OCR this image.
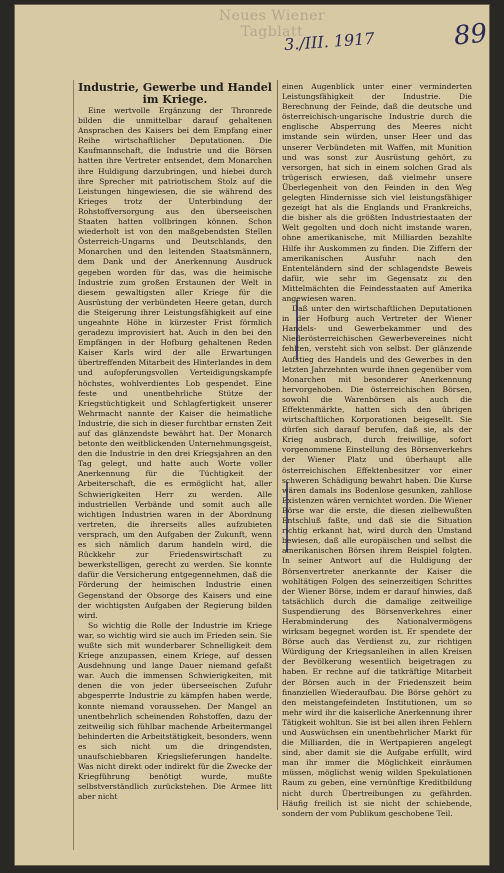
Neues Wiener Tagblatt
3./III. 1917	89

Industrie, Gewerbe und Handel im Kriege.

Eine wertvolle Ergänzung der Thronrede bilden die unmittelbar darauf gehaltenen Ansprachen des Kaisers bei dem Empfang einer Reihe wirtschaftlicher Deputationen. Die Kaufmannschaft, die Industrie und die Börsen hatten ihre Vertreter entsendet, dem Monarchen ihre Huldigung darzubringen, und hiebei durch ihre Sprecher mit patriotischem Stolz auf die Leistungen hingewiesen, die sie während des Krieges trotz der Unterbindung der Rohstoffversorgung aus den überseeischen Staaten hatten vollbringen können. Schon wiederholt ist von den maßgebendsten Stellen Österreich-Ungarns und Deutschlands, den Monarchen und den leitenden Staatsmännern, dem Dank und der Anerkennung Ausdruck gegeben worden für das, was die heimische Industrie zum großen Erstaunen der Welt in diesem gewaltigsten aller Kriege für die Ausrüstung der verbündeten Heere getan, durch die Steigerung ihrer Leistungsfähigkeit auf eine ungeahnte Höhe in kürzester Frist förmlich geradezu improvisiert hat. Auch in den bei den Empfängen in der Hofburg gehaltenen Reden Kaiser Karls wird der alle Erwartungen übertreffenden Mitarbeit des Hinterlandes in dem und aufopferungsvollen Verteidigungskampfe höchstes, wohlverdientes Lob gespendet. Eine feste und unentbehrliche Stütze der Kriegstüchtigkeit und Schlagfertigkeit unserer Wehrmacht nannte der Kaiser die heimatliche Industrie, die sich in dieser furchtbar ernsten Zeit auf das glänzendste bewährt hat. Der Monarch betonte den weitblickenden Unternehmungsgeist, den die Industrie in den drei Kriegsjahren an den Tag gelegt, und hatte auch Worte voller Anerkennung für die Tüchtigkeit der Arbeiterschaft, die es ermöglicht hat, aller Schwierigkeiten Herr zu werden. Alle industriellen Verbände und somit auch alle wichtigen Industrien waren in der Abordnung vertreten, die ihrerseits alles aufzubieten versprach, um den Aufgaben der Zukunft, wenn es sich nämlich darum handeln wird, die Rückkehr zur Friedenswirtschaft zu bewerkstelligen, gerecht zu werden. Sie konnte dafür die Versicherung entgegennehmen, daß die Förderung der heimischen Industrie einen Gegenstand der Obsorge des Kaisers und eine der wichtigsten Aufgaben der Regierung bilden wird.

So wichtig die Rolle der Industrie im Kriege war, so wichtig wird sie auch im Frieden sein. Sie wußte sich mit wunderbarer Schnelligkeit dem Kriege anzupassen, einem Kriege, auf dessen Ausdehnung und lange Dauer niemand gefaßt war. Auch die immensen Schwierigkeiten, mit denen die von jeder überseeischen Zufuhr abgesperrte Industrie zu kämpfen haben werde, konnte niemand voraussehen. Der Mangel an unentbehrlich scheinenden Rohstoffen, dazu der zeitweilig sich fühlbar machende Arbeitermangel behinderten die Arbeitstätigkeit, besonders, wenn es sich nicht um die dringendsten, unaufschiebbaren Kriegslieferungen handelte. Was nicht direkt oder indirekt für die Zwecke der Kriegführung benötigt wurde, mußte selbstverständlich zurückstehen. Die Armee litt aber nicht

einen Augenblick unter einer verminderten Leistungsfähigkeit der Industrie. Die Berechnung der Feinde, daß die deutsche und österreichisch-ungarische Industrie durch die englische Absperrung des Meeres nicht imstande sein würden, unser Heer und das unserer Verbündeten mit Waffen, mit Munition und was sonst zur Ausrüstung gehört, zu versorgen, hat sich in einem solchen Grad als trügerisch erwiesen, daß vielmehr unsere Überlegenheit von den Feinden in den Weg gelegten Hindernisse sich viel leistungsfähiger gezeigt hat als die Englands und Frankreichs, die bisher als die größten Industriestaaten der Welt gegolten und doch nicht imstande waren, ohne amerikanische, mit Milliarden bezahlte Hilfe ihr Auskommen zu finden. Die Ziffern der amerikanischen Ausfuhr nach den Ententeländern sind der schlagendste Beweis dafür, wie sehr im Gegensatz zu den Mittelmächten die Feindesstaaten auf Amerika angewiesen waren.

Daß unter den wirtschaftlichen Deputationen in der Hofburg auch Vertreter der Wiener Handels- und Gewerbekammer und des Niederösterreichischen Gewerbevereines nicht fehlten, versteht sich von selbst. Der glänzende Aufstieg des Handels und des Gewerbes in den letzten Jahrzehnten wurde ihnen gegenüber vom Monarchen mit besonderer Anerkennung hervorgehoben. Die österreichischen Börsen, sowohl die Warenbörsen als auch die Effektenmärkte, hatten sich den übrigen wirtschaftlichen Korporationen beigesellt. Sie dürfen sich darauf berufen, daß sie, als der Krieg ausbrach, durch freiwillige, sofort vorgenommene Einstellung des Börsenverkehrs der Wiener Platz und überhaupt alle österreichischen Effektenbesitzer vor einer schweren Schädigung bewahrt haben. Die Kurse wären damals ins Bodenlose gesunken, zahllose Existenzen wären vernichtet worden. Die Wiener Börse war die erste, die diesen zielbewußten Entschluß faßte, und daß sie die Situation richtig erkannt hat, wird durch den Umstand bewiesen, daß alle europäischen und selbst die amerikanischen Börsen ihrem Beispiel folgten. In seiner Antwort auf die Huldigung der Börsenvertreter anerkannte der Kaiser die wohltätigen Folgen des seinerzeitigen Schrittes der Wiener Börse, indem er darauf hinwies, daß tatsächlich durch die damalige zeitweilige Suspendierung des Börsenverkehres einer Herabminderung des Nationalvermögens wirksam begegnet worden ist. Er spendete der Börse auch das Verdienst zu, zur richtigen Würdigung der Kriegsanleihen in allen Kreisen der Bevölkerung wesentlich beigetragen zu haben. Er rechne auf die tatkräftige Mitarbeit der Börsen auch in der Friedenszeit beim finanziellen Wiederaufbau. Die Börse gehört zu den meistangefeindeten Institutionen, um so mehr wird ihr die kaiserliche Anerkennung ihrer Tätigkeit wohltun. Sie ist bei allen ihren Fehlern und Auswüchsen ein unentbehrlicher Markt für die Milliarden, die in Wertpapieren angelegt sind, aber damit sie die Aufgabe erfüllt, wird man ihr immer die Möglichkeit einräumen müssen, möglichst wenig wilden Spekulationen Raum zu geben, eine vernünftige Kreditbildung nicht durch Übertreibungen zu gefährden. Häufig freilich ist sie nicht der schiebende, sondern der vom Publikum geschobene Teil.
